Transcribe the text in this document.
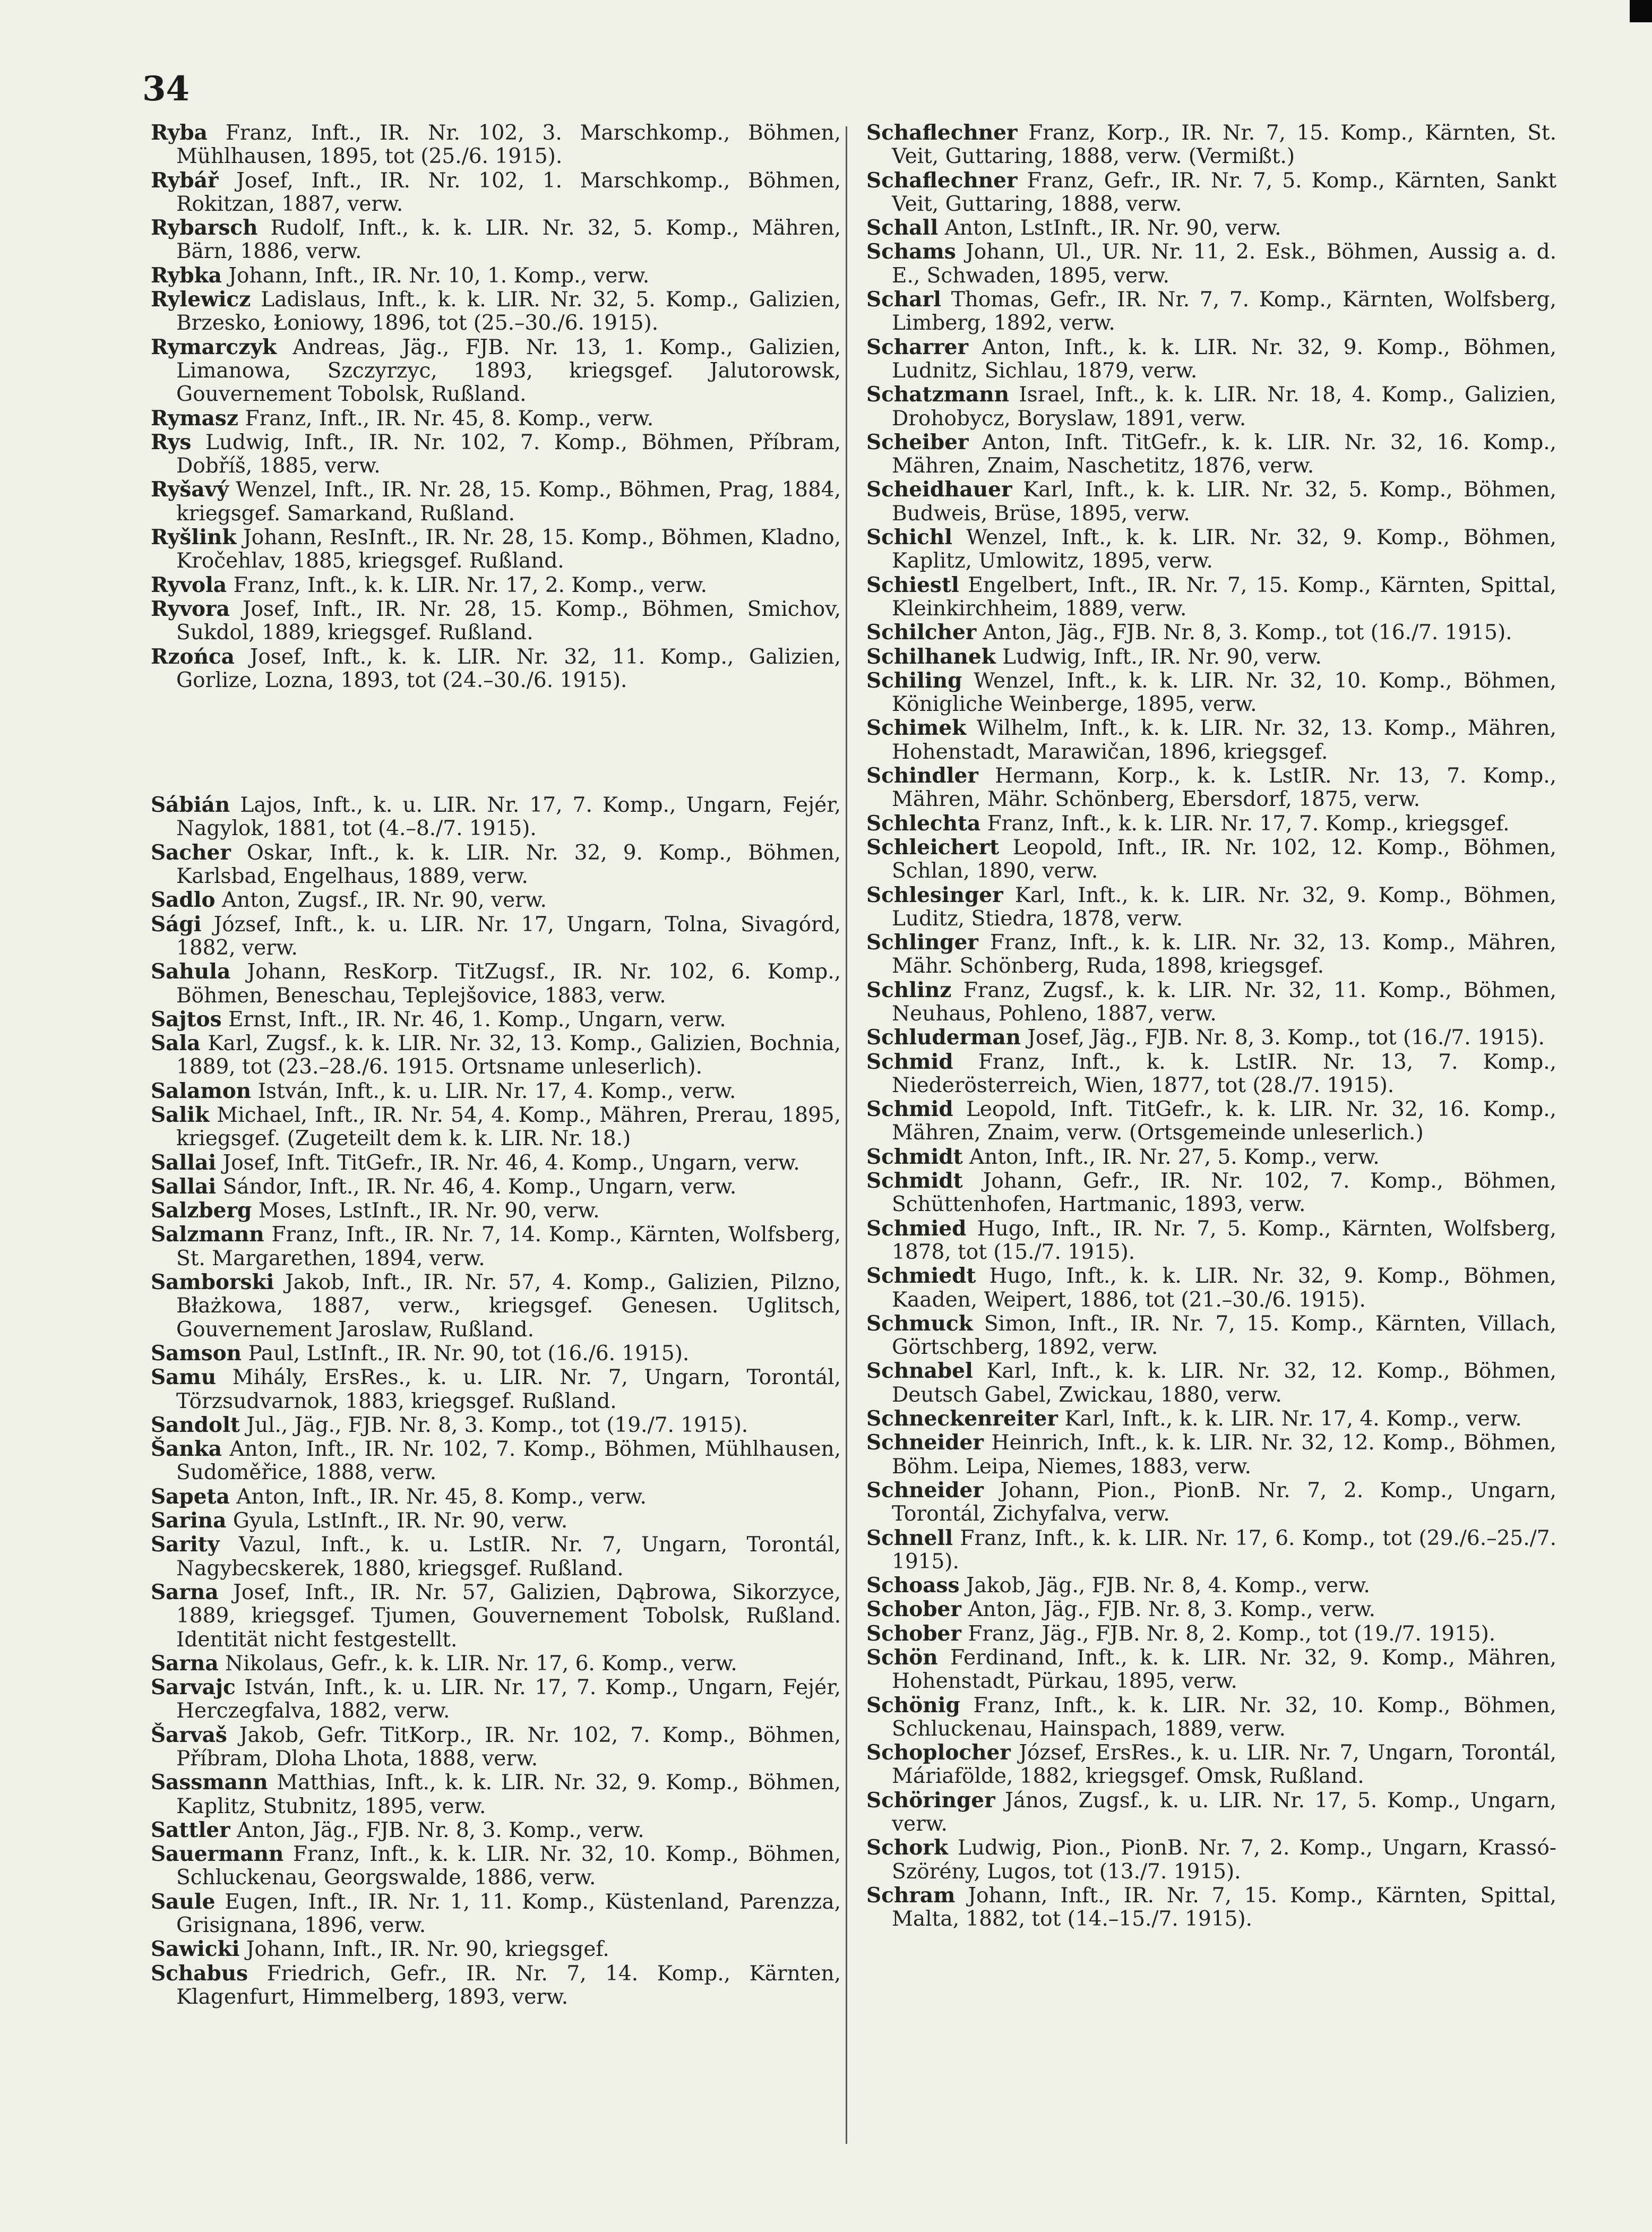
34

Ryba Franz, Inft., IR. Nr. 102, 3. Marschkomp., Böhmen, Mühlhausen, 1895, tot (25./6. 1915).

Rybář Josef, Inft., IR. Nr. 102, 1. Marschkomp., Böhmen, Rokitzan, 1887, verw.

Rybarsch Rudolf, Inft., k. k. LIR. Nr. 32, 5. Komp., Mähren, Bärn, 1886, verw.

Rybka Johann, Inft., IR. Nr. 10, 1. Komp., verw.

Rylewicz Ladislaus, Inft., k. k. LIR. Nr. 32, 5. Komp., Galizien, Brzesko, Łoniowy, 1896, tot (25.–30./6. 1915).

Rymarczyk Andreas, Jäg., FJB. Nr. 13, 1. Komp., Galizien, Limanowa, Szczyrzyc, 1893, kriegsgef. Jalutorowsk, Gouvernement Tobolsk, Rußland.

Rymasz Franz, Inft., IR. Nr. 45, 8. Komp., verw.

Rys Ludwig, Inft., IR. Nr. 102, 7. Komp., Böhmen, Příbram, Dobříš, 1885, verw.

Ryšavý Wenzel, Inft., IR. Nr. 28, 15. Komp., Böhmen, Prag, 1884, kriegsgef. Samarkand, Rußland.

Ryšlink Johann, ResInft., IR. Nr. 28, 15. Komp., Böhmen, Kladno, Kročehlav, 1885, kriegsgef. Rußland.

Ryvola Franz, Inft., k. k. LIR. Nr. 17, 2. Komp., verw.

Ryvora Josef, Inft., IR. Nr. 28, 15. Komp., Böhmen, Smichov, Sukdol, 1889, kriegsgef. Rußland.

Rzońca Josef, Inft., k. k. LIR. Nr. 32, 11. Komp., Galizien, Gorlize, Lozna, 1893, tot (24.–30./6. 1915).

Sábián Lajos, Inft., k. u. LIR. Nr. 17, 7. Komp., Ungarn, Fejér, Nagylok, 1881, tot (4.–8./7. 1915).

Sacher Oskar, Inft., k. k. LIR. Nr. 32, 9. Komp., Böhmen, Karlsbad, Engelhaus, 1889, verw.

Sadlo Anton, Zugsf., IR. Nr. 90, verw.

Sági József, Inft., k. u. LIR. Nr. 17, Ungarn, Tolna, Sivagórd, 1882, verw.

Sahula Johann, ResKorp. TitZugsf., IR. Nr. 102, 6. Komp., Böhmen, Beneschau, Teplejšovice, 1883, verw.

Sajtos Ernst, Inft., IR. Nr. 46, 1. Komp., Ungarn, verw.

Sala Karl, Zugsf., k. k. LIR. Nr. 32, 13. Komp., Galizien, Bochnia, 1889, tot (23.–28./6. 1915. Ortsname unleserlich).

Salamon István, Inft., k. u. LIR. Nr. 17, 4. Komp., verw.

Salik Michael, Inft., IR. Nr. 54, 4. Komp., Mähren, Prerau, 1895, kriegsgef. (Zugeteilt dem k. k. LIR. Nr. 18.)

Sallai Josef, Inft. TitGefr., IR. Nr. 46, 4. Komp., Ungarn, verw.

Sallai Sándor, Inft., IR. Nr. 46, 4. Komp., Ungarn, verw.

Salzberg Moses, LstInft., IR. Nr. 90, verw.

Salzmann Franz, Inft., IR. Nr. 7, 14. Komp., Kärnten, Wolfsberg, St. Margarethen, 1894, verw.

Samborski Jakob, Inft., IR. Nr. 57, 4. Komp., Galizien, Pilzno, Błażkowa, 1887, verw., kriegsgef. Genesen. Uglitsch, Gouvernement Jaroslaw, Rußland.

Samson Paul, LstInft., IR. Nr. 90, tot (16./6. 1915).

Samu Mihály, ErsRes., k. u. LIR. Nr. 7, Ungarn, Torontál, Törzsudvarnok, 1883, kriegsgef. Rußland.

Sandolt Jul., Jäg., FJB. Nr. 8, 3. Komp., tot (19./7. 1915).

Šanka Anton, Inft., IR. Nr. 102, 7. Komp., Böhmen, Mühlhausen, Sudoměřice, 1888, verw.

Sapeta Anton, Inft., IR. Nr. 45, 8. Komp., verw.

Sarina Gyula, LstInft., IR. Nr. 90, verw.

Sarity Vazul, Inft., k. u. LstIR. Nr. 7, Ungarn, Torontál, Nagybecskerek, 1880, kriegsgef. Rußland.

Sarna Josef, Inft., IR. Nr. 57, Galizien, Dąbrowa, Sikorzyce, 1889, kriegsgef. Tjumen, Gouvernement Tobolsk, Rußland. Identität nicht festgestellt.

Sarna Nikolaus, Gefr., k. k. LIR. Nr. 17, 6. Komp., verw.

Sarvajc István, Inft., k. u. LIR. Nr. 17, 7. Komp., Ungarn, Fejér, Herczegfalva, 1882, verw.

Šarvaš Jakob, Gefr. TitKorp., IR. Nr. 102, 7. Komp., Böhmen, Příbram, Dloha Lhota, 1888, verw.

Sassmann Matthias, Inft., k. k. LIR. Nr. 32, 9. Komp., Böhmen, Kaplitz, Stubnitz, 1895, verw.

Sattler Anton, Jäg., FJB. Nr. 8, 3. Komp., verw.

Sauermann Franz, Inft., k. k. LIR. Nr. 32, 10. Komp., Böhmen, Schluckenau, Georgswalde, 1886, verw.

Saule Eugen, Inft., IR. Nr. 1, 11. Komp., Küstenland, Parenzza, Grisignana, 1896, verw.

Sawicki Johann, Inft., IR. Nr. 90, kriegsgef.

Schabus Friedrich, Gefr., IR. Nr. 7, 14. Komp., Kärnten, Klagenfurt, Himmelberg, 1893, verw.

Schaflechner Franz, Korp., IR. Nr. 7, 15. Komp., Kärnten, St. Veit, Guttaring, 1888, verw. (Vermißt.)

Schaflechner Franz, Gefr., IR. Nr. 7, 5. Komp., Kärnten, Sankt Veit, Guttaring, 1888, verw.

Schall Anton, LstInft., IR. Nr. 90, verw.

Schams Johann, Ul., UR. Nr. 11, 2. Esk., Böhmen, Aussig a. d. E., Schwaden, 1895, verw.

Scharl Thomas, Gefr., IR. Nr. 7, 7. Komp., Kärnten, Wolfsberg, Limberg, 1892, verw.

Scharrer Anton, Inft., k. k. LIR. Nr. 32, 9. Komp., Böhmen, Ludnitz, Sichlau, 1879, verw.

Schatzmann Israel, Inft., k. k. LIR. Nr. 18, 4. Komp., Galizien, Drohobycz, Boryslaw, 1891, verw.

Scheiber Anton, Inft. TitGefr., k. k. LIR. Nr. 32, 16. Komp., Mähren, Znaim, Naschetitz, 1876, verw.

Scheidhauer Karl, Inft., k. k. LIR. Nr. 32, 5. Komp., Böhmen, Budweis, Brüse, 1895, verw.

Schichl Wenzel, Inft., k. k. LIR. Nr. 32, 9. Komp., Böhmen, Kaplitz, Umlowitz, 1895, verw.

Schiestl Engelbert, Inft., IR. Nr. 7, 15. Komp., Kärnten, Spittal, Kleinkirchheim, 1889, verw.

Schilcher Anton, Jäg., FJB. Nr. 8, 3. Komp., tot (16./7. 1915).

Schilhanek Ludwig, Inft., IR. Nr. 90, verw.

Schiling Wenzel, Inft., k. k. LIR. Nr. 32, 10. Komp., Böhmen, Königliche Weinberge, 1895, verw.

Schimek Wilhelm, Inft., k. k. LIR. Nr. 32, 13. Komp., Mähren, Hohenstadt, Marawičan, 1896, kriegsgef.

Schindler Hermann, Korp., k. k. LstIR. Nr. 13, 7. Komp., Mähren, Mähr. Schönberg, Ebersdorf, 1875, verw.

Schlechta Franz, Inft., k. k. LIR. Nr. 17, 7. Komp., kriegsgef.

Schleichert Leopold, Inft., IR. Nr. 102, 12. Komp., Böhmen, Schlan, 1890, verw.

Schlesinger Karl, Inft., k. k. LIR. Nr. 32, 9. Komp., Böhmen, Luditz, Stiedra, 1878, verw.

Schlinger Franz, Inft., k. k. LIR. Nr. 32, 13. Komp., Mähren, Mähr. Schönberg, Ruda, 1898, kriegsgef.

Schlinz Franz, Zugsf., k. k. LIR. Nr. 32, 11. Komp., Böhmen, Neuhaus, Pohleno, 1887, verw.

Schluderman Josef, Jäg., FJB. Nr. 8, 3. Komp., tot (16./7. 1915).

Schmid Franz, Inft., k. k. LstIR. Nr. 13, 7. Komp., Niederösterreich, Wien, 1877, tot (28./7. 1915).

Schmid Leopold, Inft. TitGefr., k. k. LIR. Nr. 32, 16. Komp., Mähren, Znaim, verw. (Ortsgemeinde unleserlich.)

Schmidt Anton, Inft., IR. Nr. 27, 5. Komp., verw.

Schmidt Johann, Gefr., IR. Nr. 102, 7. Komp., Böhmen, Schüttenhofen, Hartmanic, 1893, verw.

Schmied Hugo, Inft., IR. Nr. 7, 5. Komp., Kärnten, Wolfsberg, 1878, tot (15./7. 1915).

Schmiedt Hugo, Inft., k. k. LIR. Nr. 32, 9. Komp., Böhmen, Kaaden, Weipert, 1886, tot (21.–30./6. 1915).

Schmuck Simon, Inft., IR. Nr. 7, 15. Komp., Kärnten, Villach, Görtschberg, 1892, verw.

Schnabel Karl, Inft., k. k. LIR. Nr. 32, 12. Komp., Böhmen, Deutsch Gabel, Zwickau, 1880, verw.

Schneckenreiter Karl, Inft., k. k. LIR. Nr. 17, 4. Komp., verw.

Schneider Heinrich, Inft., k. k. LIR. Nr. 32, 12. Komp., Böhmen, Böhm. Leipa, Niemes, 1883, verw.

Schneider Johann, Pion., PionB. Nr. 7, 2. Komp., Ungarn, Torontál, Zichyfalva, verw.

Schnell Franz, Inft., k. k. LIR. Nr. 17, 6. Komp., tot (29./6.–25./7. 1915).

Schoass Jakob, Jäg., FJB. Nr. 8, 4. Komp., verw.

Schober Anton, Jäg., FJB. Nr. 8, 3. Komp., verw.

Schober Franz, Jäg., FJB. Nr. 8, 2. Komp., tot (19./7. 1915).

Schön Ferdinand, Inft., k. k. LIR. Nr. 32, 9. Komp., Mähren, Hohenstadt, Pürkau, 1895, verw.

Schönig Franz, Inft., k. k. LIR. Nr. 32, 10. Komp., Böhmen, Schluckenau, Hainspach, 1889, verw.

Schoplocher József, ErsRes., k. u. LIR. Nr. 7, Ungarn, Torontál, Máriafölde, 1882, kriegsgef. Omsk, Rußland.

Schöringer János, Zugsf., k. u. LIR. Nr. 17, 5. Komp., Ungarn, verw.

Schork Ludwig, Pion., PionB. Nr. 7, 2. Komp., Ungarn, Krassó-Szörény, Lugos, tot (13./7. 1915).

Schram Johann, Inft., IR. Nr. 7, 15. Komp., Kärnten, Spittal, Malta, 1882, tot (14.–15./7. 1915).
